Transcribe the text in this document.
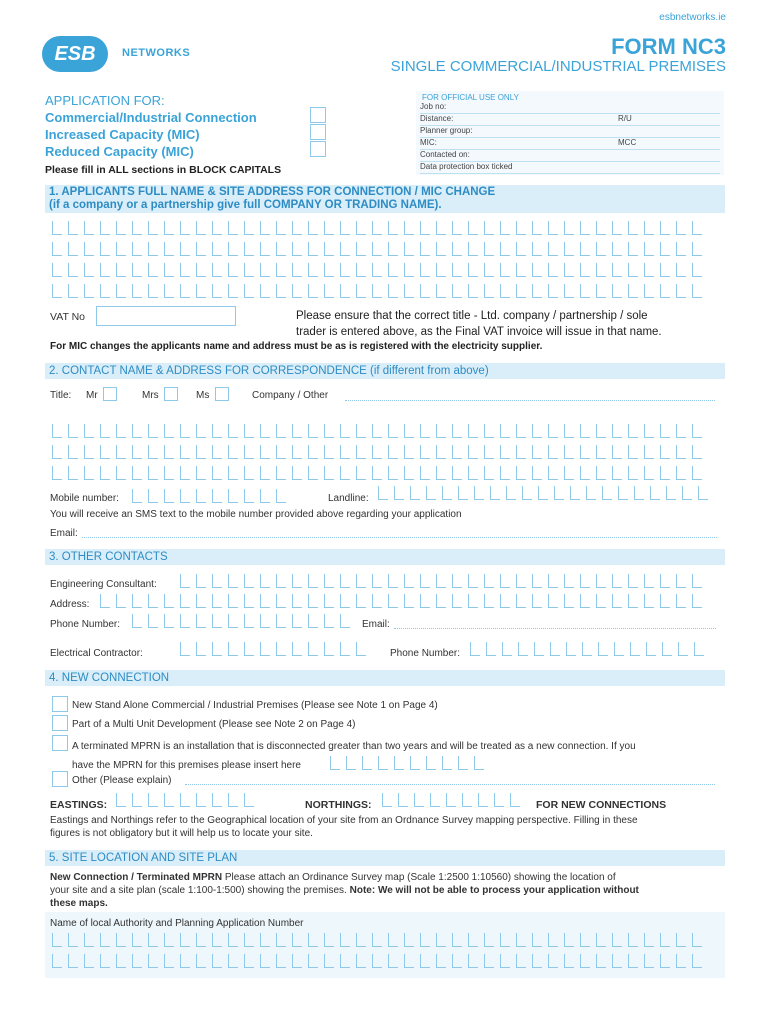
esbnetworks.ie
ESB	NETWORKS	FORM NC3
SINGLE COMMERCIAL/INDUSTRIAL PREMISES
APPLICATION FOR:
Commercial/Industrial Connection
Increased Capacity (MIC)
Reduced Capacity (MIC)
Please fill in ALL sections in BLOCK CAPITALS
FOR OFFICIAL USE ONLY
Job no:
Distance:	R/U
Planner group:
MIC:	MCC
Contacted on:
Data protection box ticked
1. APPLICANTS FULL NAME & SITE ADDRESS FOR CONNECTION / MIC CHANGE
(if a company or a partnership give full COMPANY OR TRADING NAME).
VAT No	Please ensure that the correct title - Ltd. company / partnership / sole
trader is entered above, as the Final VAT invoice will issue in that name.
For MIC changes the applicants name and address must be as is registered with the electricity supplier.
2. CONTACT NAME & ADDRESS FOR CORRESPONDENCE (if different from above)
Title: Mr	Mrs	Ms	Company / Other
Mobile number:	Landline:
You will receive an SMS text to the mobile number provided above regarding your application
Email:
3. OTHER CONTACTS
Engineering Consultant:
Address:
Phone Number:	Email:
Electrical Contractor:	Phone Number:
4. NEW CONNECTION
New Stand Alone Commercial / Industrial Premises (Please see Note 1 on Page 4)
Part of a Multi Unit Development (Please see Note 2 on Page 4)
A terminated MPRN is an installation that is disconnected greater than two years and will be treated as a new connection. If you
have the MPRN for this premises please insert here
Other (Please explain)
EASTINGS:	NORTHINGS:	FOR NEW CONNECTIONS
Eastings and Northings refer to the Geographical location of your site from an Ordnance Survey mapping perspective. Filling in these
figures is not obligatory but it will help us to locate your site.
5. SITE LOCATION AND SITE PLAN
New Connection / Terminated MPRN Please attach an Ordinance Survey map (Scale 1:2500 1:10560) showing the location of
your site and a site plan (scale 1:100-1:500) showing the premises. Note: We will not be able to process your application without
these maps.
Name of local Authority and Planning Application Number
